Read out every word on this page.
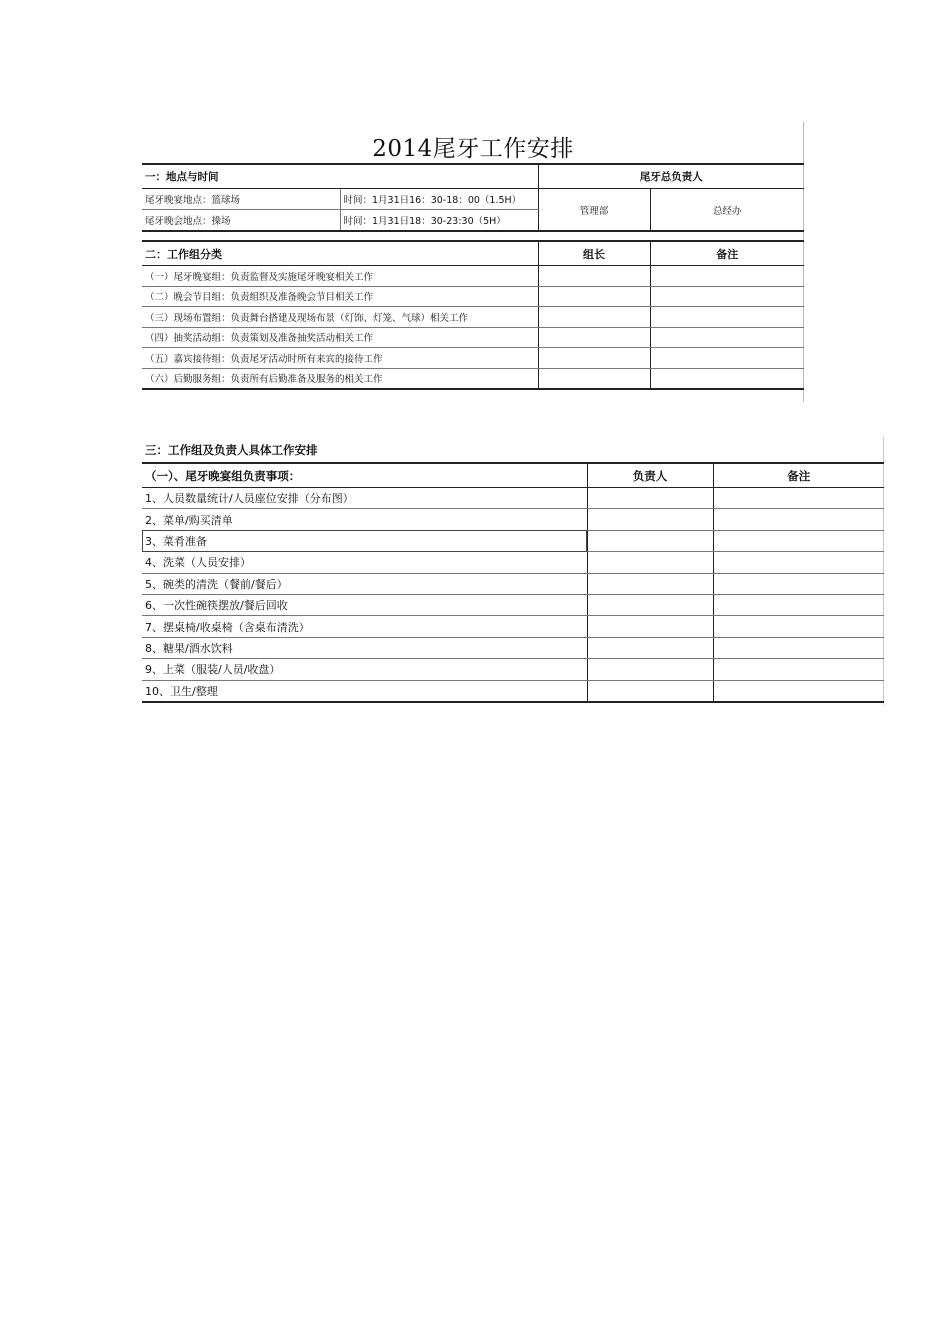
2014尾牙工作安排
一：地点与时间		尾牙总负责人	
尾牙晚宴地点：篮球场	时间：1月31日16：30-18：00（1.5H）	管理部	总经办
尾牙晚会地点：操场	时间：1月31日18：30-23:30（5H）		
二：工作组分类	组长	备注
（一）尾牙晚宴组：负责监督及实施尾牙晚宴相关工作		
（二）晚会节目组：负责组织及准备晚会节目相关工作		
（三）现场布置组：负责舞台搭建及现场布景（灯饰、灯笼、气球）相关工作		
（四）抽奖活动组：负责策划及准备抽奖活动相关工作		
（五）嘉宾接待组：负责尾牙活动时所有来宾的接待工作		
（六）后勤服务组：负责所有后勤准备及服务的相关工作		
三：工作组及负责人具体工作安排		
（一）、尾牙晚宴组负责事项：	负责人	备注
1、人员数量统计/人员座位安排（分布图）		
2、菜单/购买清单		
3、菜肴准备		
4、洗菜（人员安排）		
5、碗类的清洗（餐前/餐后）		
6、一次性碗筷摆放/餐后回收		
7、摆桌椅/收桌椅（含桌布清洗）		
8、糖果/酒水饮料		
9、上菜（服装/人员/收盘）		
10、卫生/整理		
